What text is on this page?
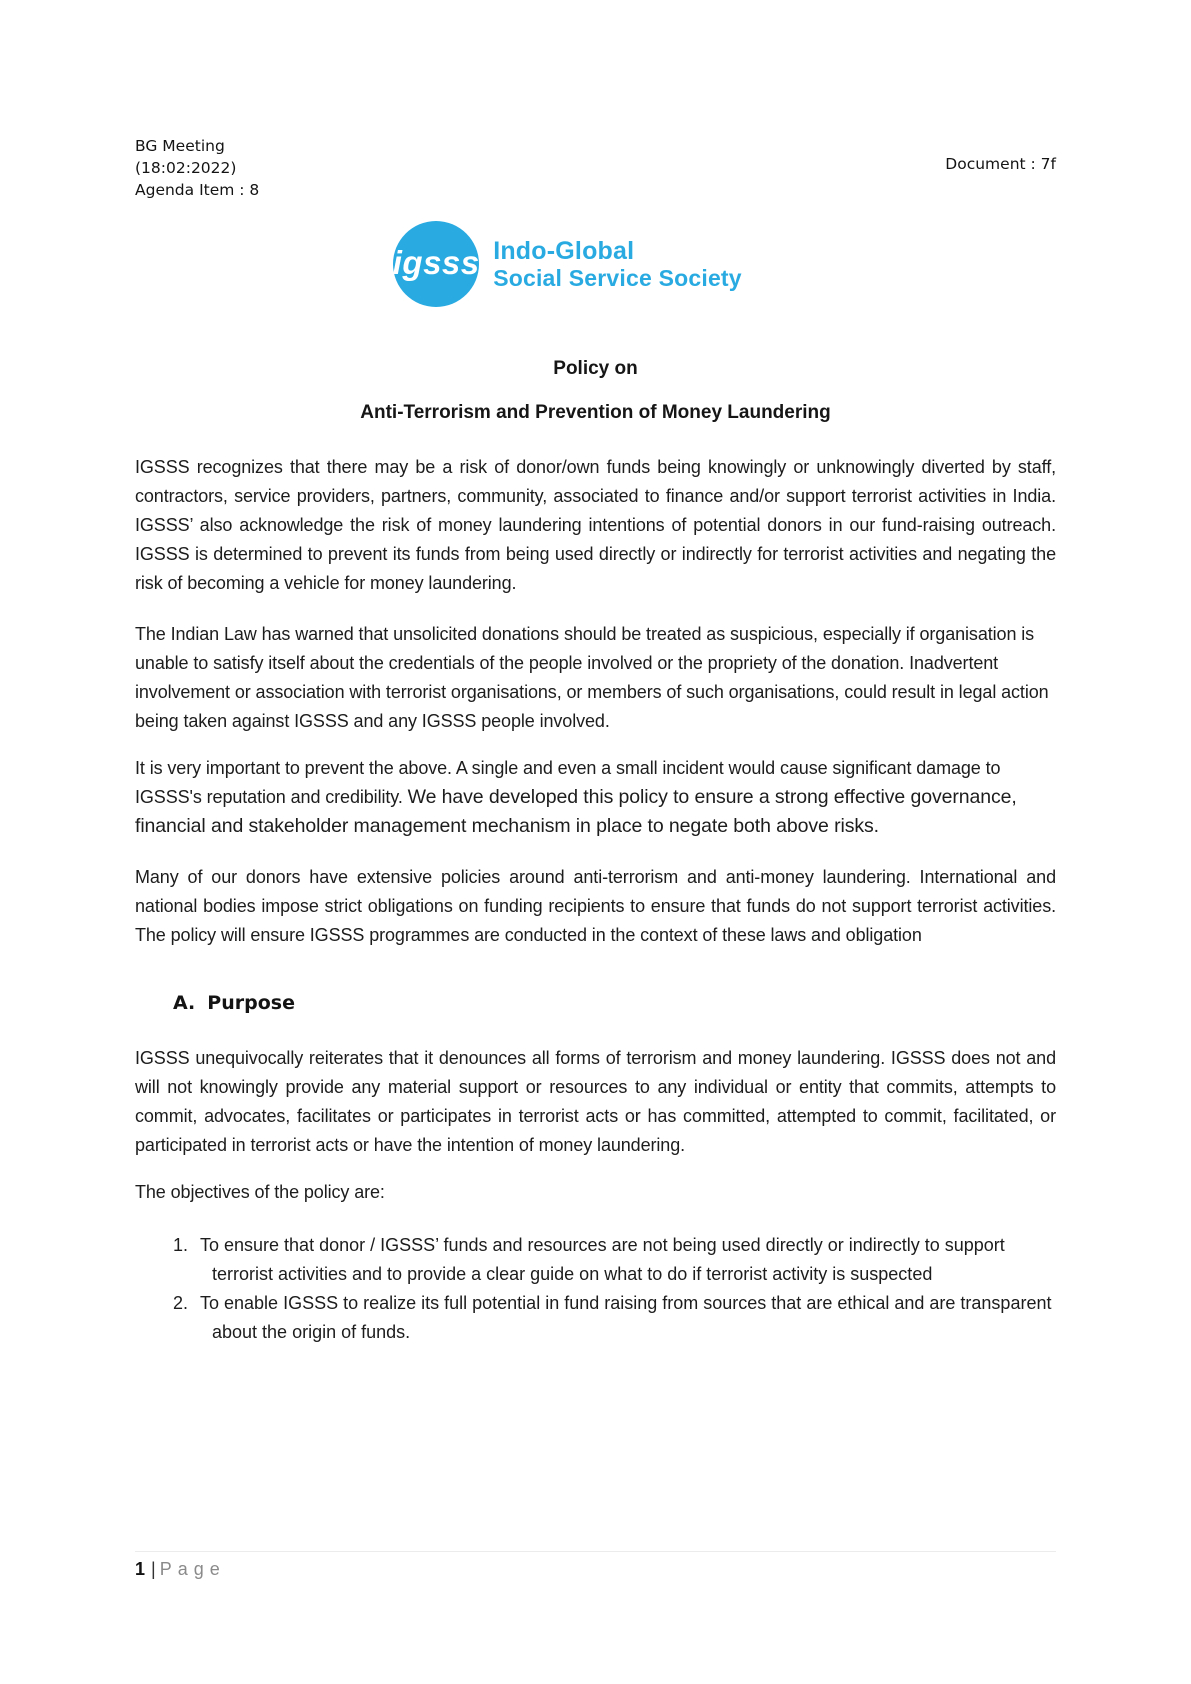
BG Meeting
(18:02:2022)
Agenda Item : 8
Document : 7f
igsss Indo-Global
Social Service Society
Policy on
Anti-Terrorism and Prevention of Money Laundering

IGSSS recognizes that there may be a risk of donor/own funds being knowingly or unknowingly diverted by staff, contractors, service providers, partners, community, associated to finance and/or support terrorist activities in India. IGSSS’ also acknowledge the risk of money laundering intentions of potential donors in our fund-raising outreach. IGSSS is determined to prevent its funds from being used directly or indirectly for terrorist activities and negating the risk of becoming a vehicle for money laundering.

The Indian Law has warned that unsolicited donations should be treated as suspicious, especially if organisation is unable to satisfy itself about the credentials of the people involved or the propriety of the donation. Inadvertent involvement or association with terrorist organisations, or members of such organisations, could result in legal action being taken against IGSSS and any IGSSS people involved.

It is very important to prevent the above. A single and even a small incident would cause significant damage to IGSSS's reputation and credibility. We have developed this policy to ensure a strong effective governance, financial and stakeholder management mechanism in place to negate both above risks.

Many of our donors have extensive policies around anti-terrorism and anti-money laundering. International and national bodies impose strict obligations on funding recipients to ensure that funds do not support terrorist activities. The policy will ensure IGSSS programmes are conducted in the context of these laws and obligation

A. Purpose

IGSSS unequivocally reiterates that it denounces all forms of terrorism and money laundering. IGSSS does not and will not knowingly provide any material support or resources to any individual or entity that commits, attempts to commit, advocates, facilitates or participates in terrorist acts or has committed, attempted to commit, facilitated, or participated in terrorist acts or have the intention of money laundering.

The objectives of the policy are:

1. To ensure that donor / IGSSS’ funds and resources are not being used directly or indirectly to support terrorist activities and to provide a clear guide on what to do if terrorist activity is suspected
2. To enable IGSSS to realize its full potential in fund raising from sources that are ethical and are transparent about the origin of funds.
1 | Page
